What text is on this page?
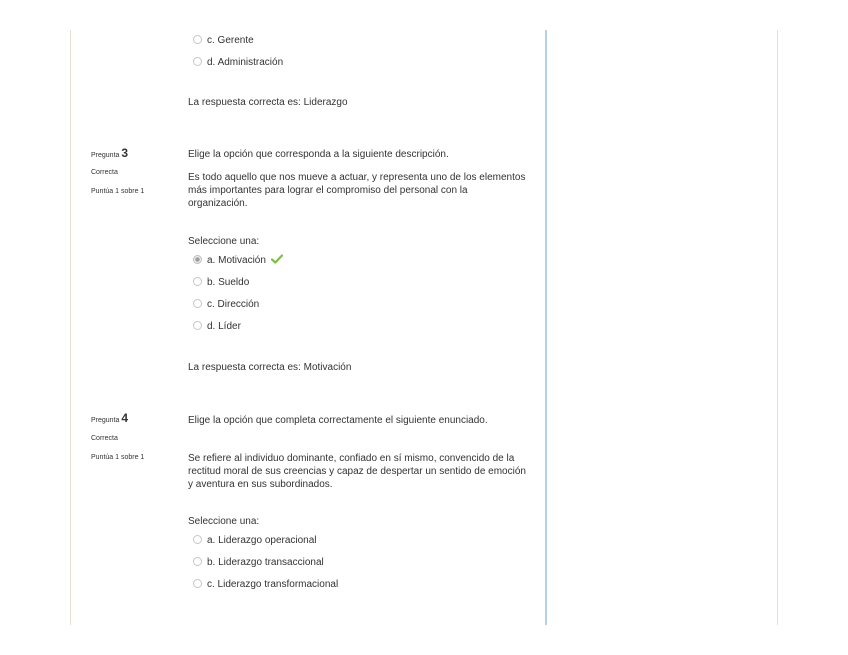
c. Gerente
d. Administración
La respuesta correcta es: Liderazgo
Pregunta 3
Correcta
Puntúa 1 sobre 1
Elige la opción que corresponda a la siguiente descripción.
Es todo aquello que nos mueve a actuar, y representa uno de los elementos más importantes para lograr el compromiso del personal con la organización.
Seleccione una:
a. Motivación
b. Sueldo
c. Dirección
d. Líder
La respuesta correcta es: Motivación
Pregunta 4
Correcta
Puntúa 1 sobre 1
Elige la opción que completa correctamente el siguiente enunciado.
Se refiere al individuo dominante, confiado en sí mismo, convencido de la rectitud moral de sus creencias y capaz de despertar un sentido de emoción y aventura en sus subordinados.
Seleccione una:
a. Liderazgo operacional
b. Liderazgo transaccional
c. Liderazgo transformacional
